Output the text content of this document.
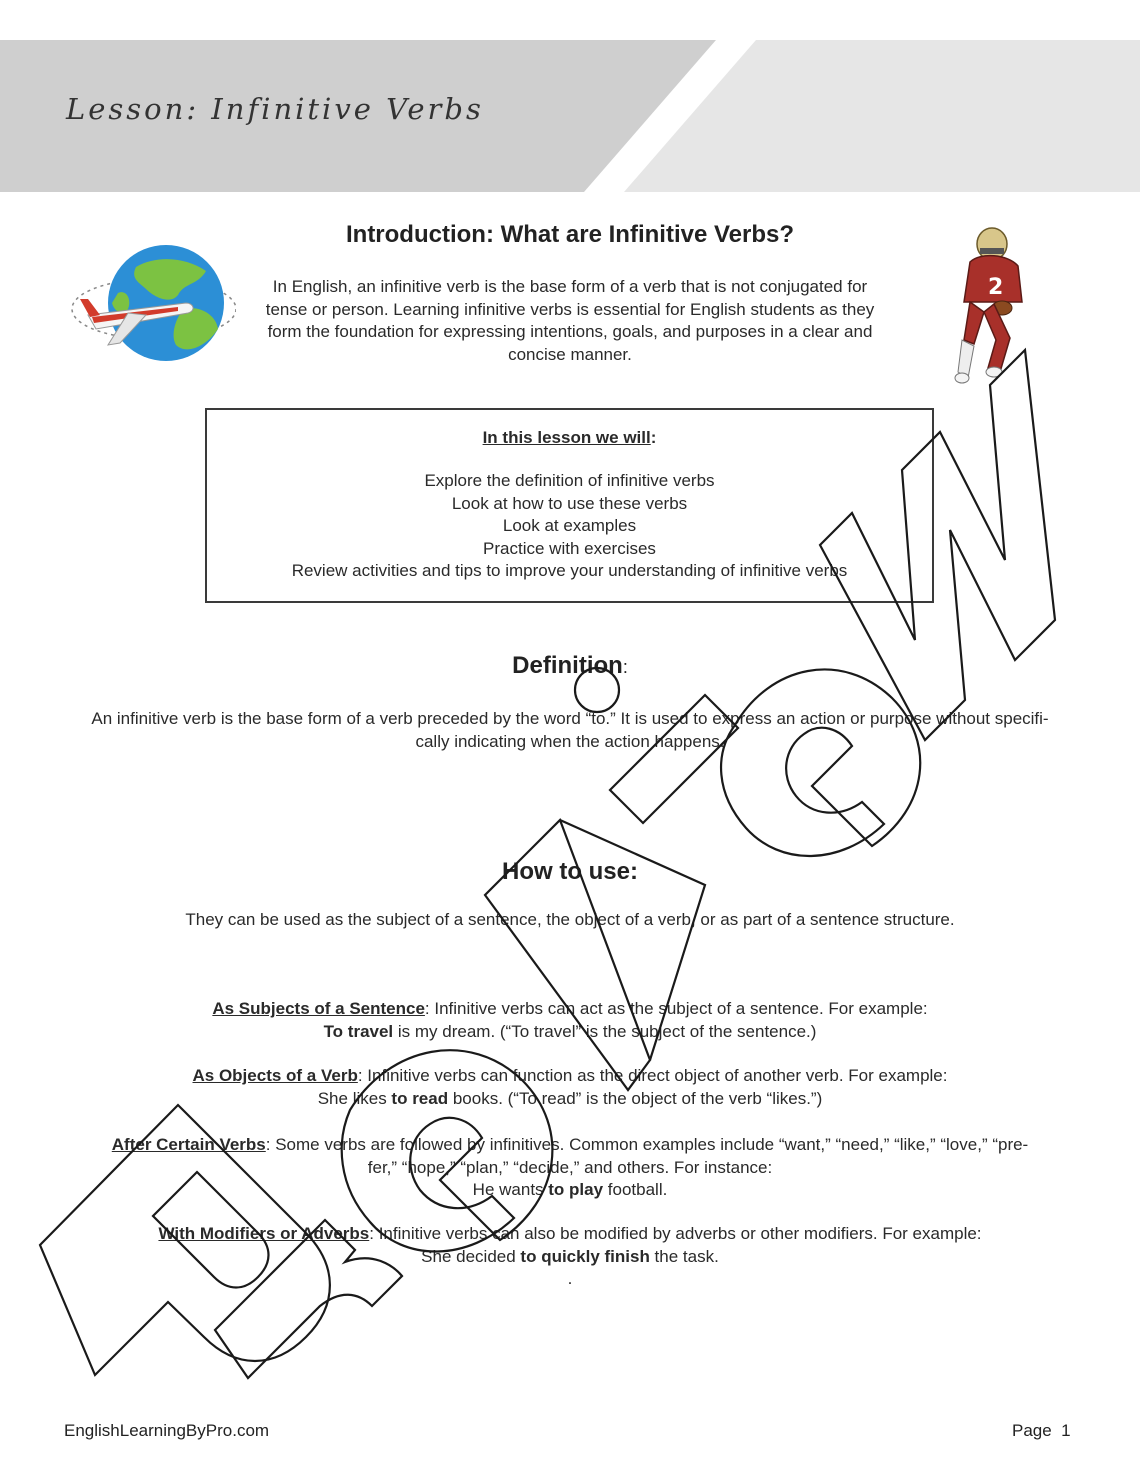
Lesson: Infinitive Verbs
Introduction: What are Infinitive Verbs?
In English, an infinitive verb is the base form of a verb that is not conjugated for
tense or person. Learning infinitive verbs is essential for English students as they
form the foundation for expressing intentions, goals, and purposes in a clear and
concise manner.
2
In this lesson we will:
Explore the definition of infinitive verbs
Look at how to use these verbs
Look at examples
Practice with exercises
Review activities and tips to improve your understanding of infinitive verbs
Definition:
An infinitive verb is the base form of a verb preceded by the word “to.” It is used to express an action or purpose without specifi-
cally indicating when the action happens.
How to use:
They can be used as the subject of a sentence, the object of a verb, or as part of a sentence structure.
As Subjects of a Sentence: Infinitive verbs can act as the subject of a sentence. For example:
To travel is my dream. (“To travel” is the subject of the sentence.)
As Objects of a Verb: Infinitive verbs can function as the direct object of another verb. For example:
She likes to read books. (“To read” is the object of the verb “likes.”)
After Certain Verbs: Some verbs are followed by infinitives. Common examples include “want,” “need,” “like,” “love,” “pre-
fer,” “hope,” “plan,” “decide,” and others. For instance:
He wants to play football.
With Modifiers or Adverbs: Infinitive verbs can also be modified by adverbs or other modifiers. For example:
She decided to quickly finish the task.
.
EnglishLearningByPro.com	Page  1
